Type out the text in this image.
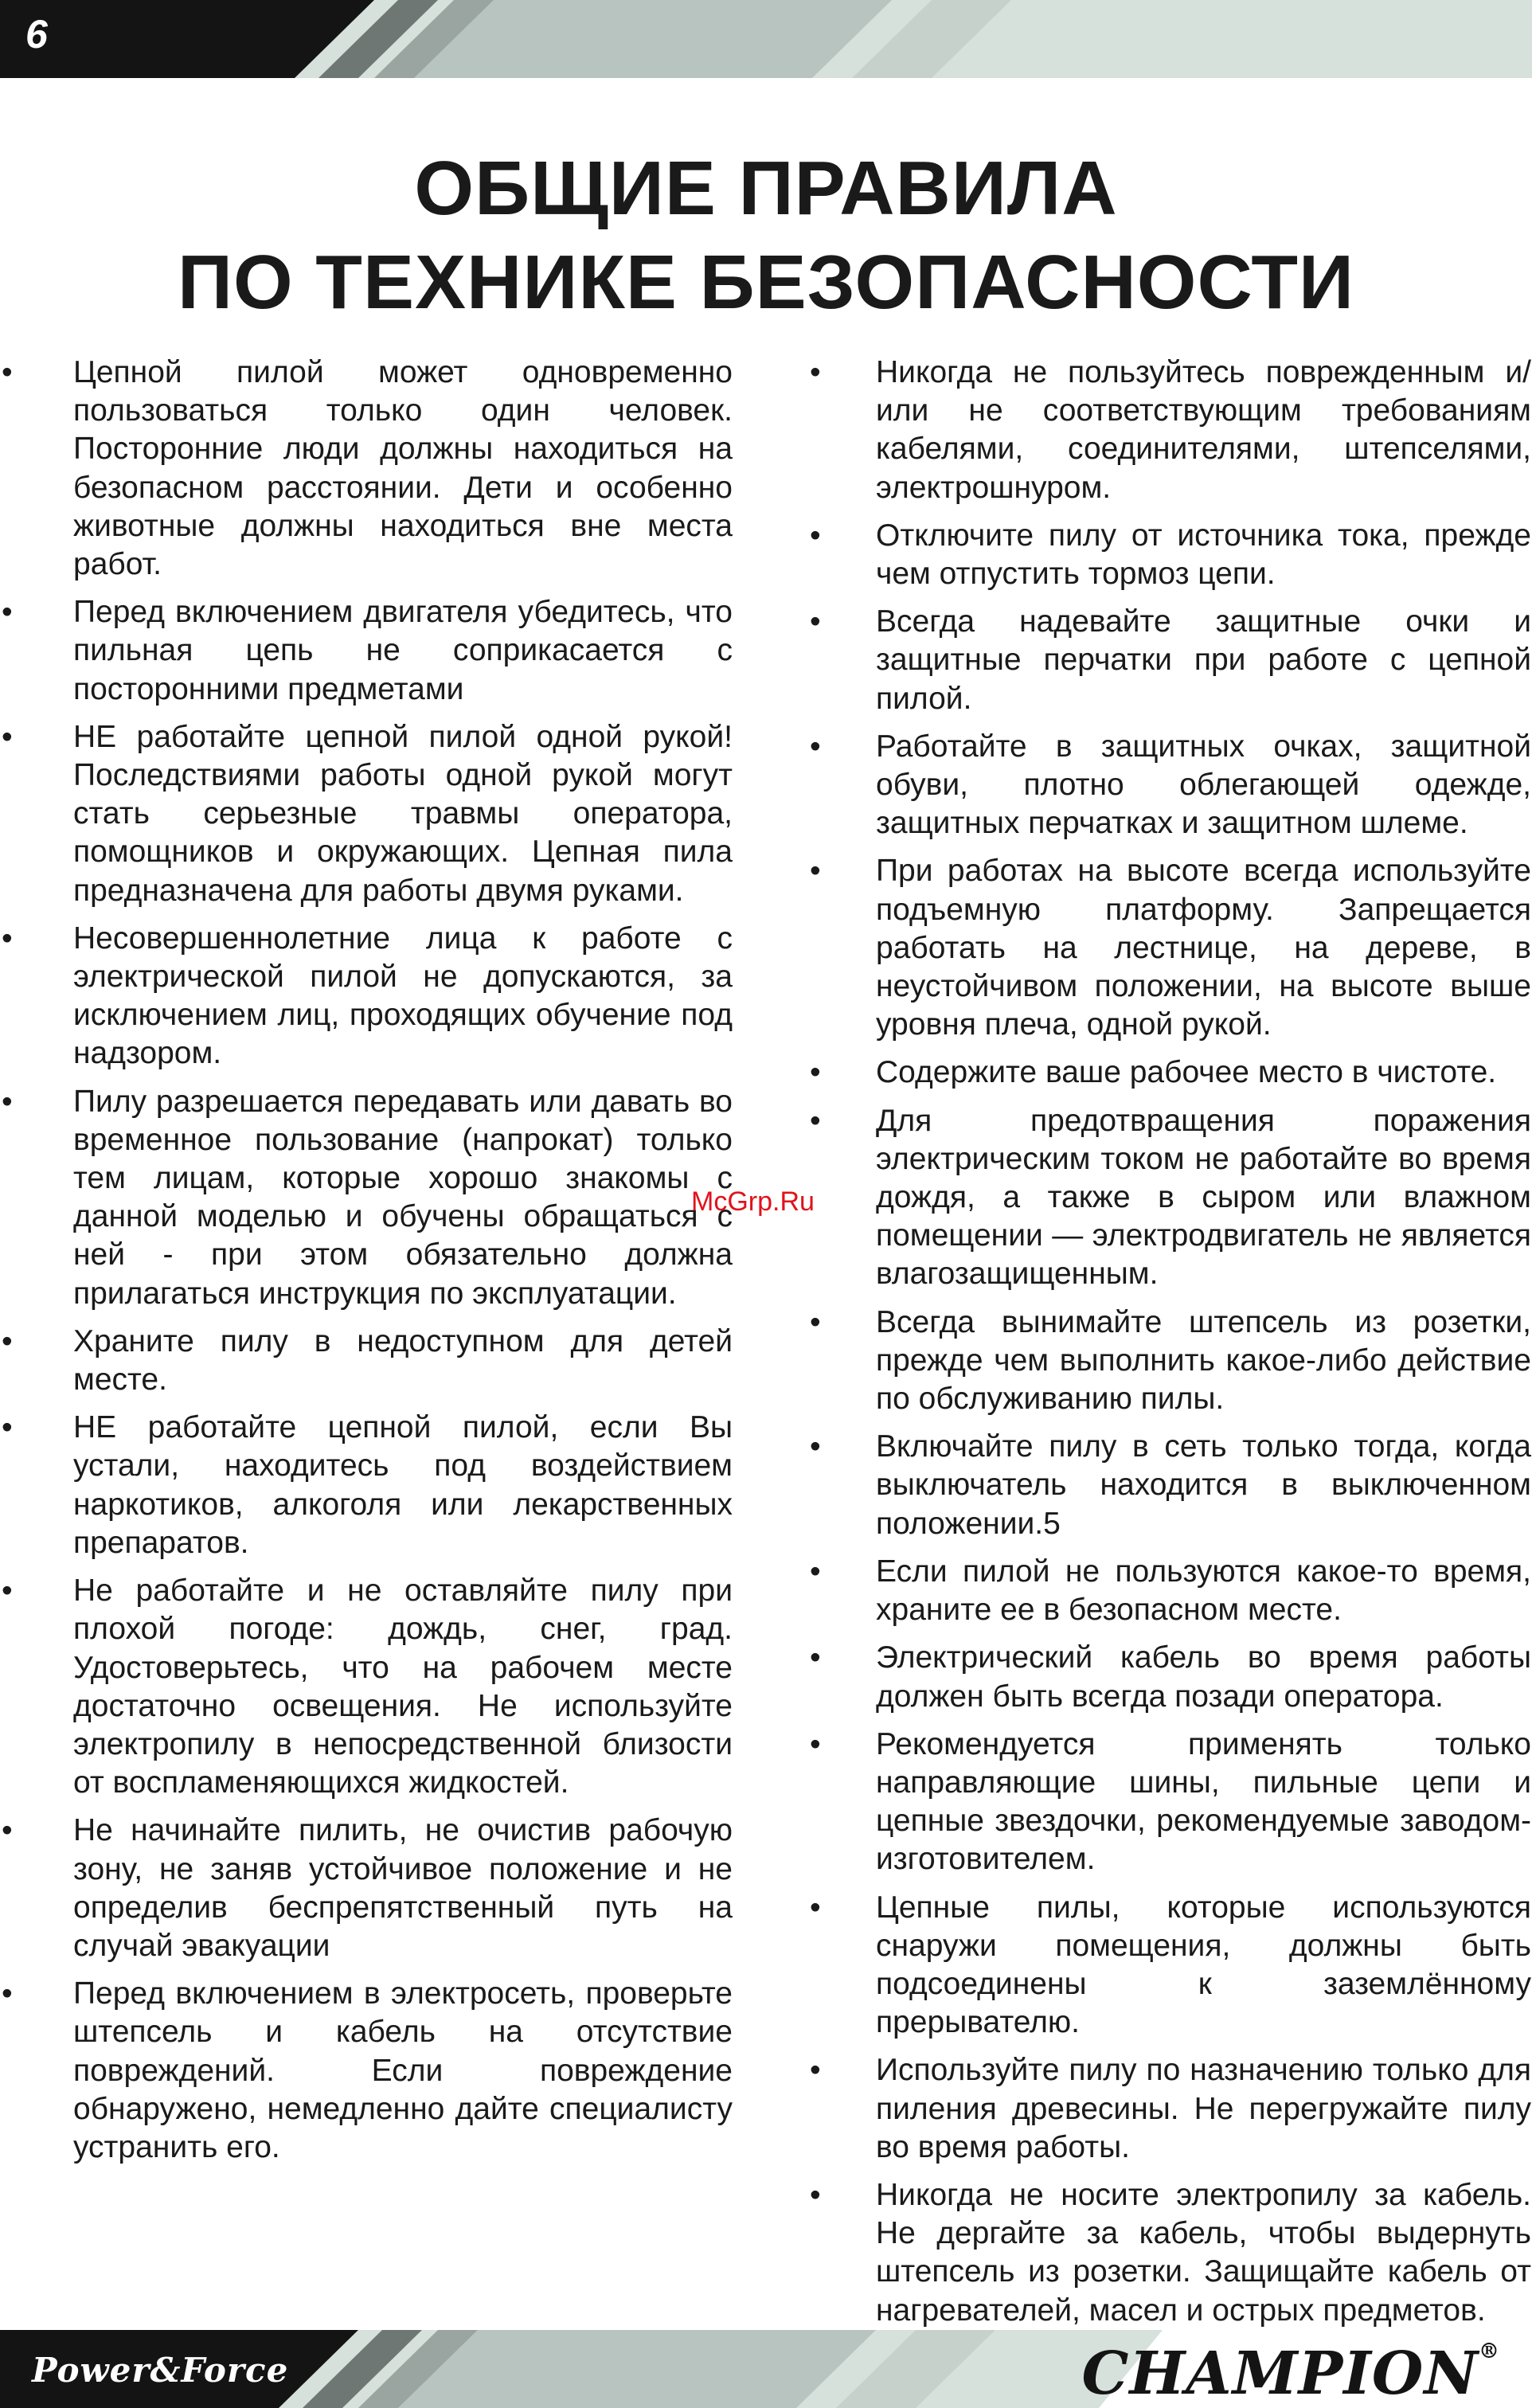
6
ОБЩИЕ ПРАВИЛА
ПО ТЕХНИКЕ БЕЗОПАСНОСТИ
• Цепной пилой может одновременно пользоваться только один человек. Посторонние люди должны находиться на безопасном расстоянии. Дети и особенно животные должны находиться вне места работ.
• Перед включением двигателя убедитесь, что пильная цепь не соприкасается с посторонними предметами
• НЕ работайте цепной пилой одной рукой! Последствиями работы одной рукой могут стать серьезные травмы оператора, помощников и окружающих. Цепная пила предназначена для работы двумя руками.
• Несовершеннолетние лица к работе с электрической пилой не допускаются, за исключением лиц, проходящих обучение под надзором.
• Пилу разрешается передавать или давать во временное пользование (напрокат) только тем лицам, которые хорошо знакомы с данной моделью и обучены обращаться с ней - при этом обязательно должна прилагаться инструкция по эксплуатации.
• Храните пилу в недоступном для детей месте.
• НЕ работайте цепной пилой, если Вы устали, находитесь под воздействием наркотиков, алкоголя или лекарственных препаратов.
• Не работайте и не оставляйте пилу при плохой погоде: дождь, снег, град. Удостоверьтесь, что на рабочем месте достаточно освещения. Не используйте электропилу в непосредственной близости от воспламеняющихся жидкостей.
• Не начинайте пилить, не очистив рабочую зону, не заняв устойчивое положение и не определив беспрепятственный путь на случай эвакуации
• Перед включением в электросеть, проверьте штепсель и кабель на отсутствие повреждений. Если повреждение обнаружено, немедленно дайте специалисту устранить его.
• Никогда не пользуйтесь поврежденным и/или не соответствующим требованиям кабелями, соединителями, штепселями, электрошнуром.
• Отключите пилу от источника тока, прежде чем отпустить тормоз цепи.
• Всегда надевайте защитные очки и защитные перчатки при работе с цепной пилой.
• Работайте в защитных очках, защитной обуви, плотно облегающей одежде, защитных перчатках и защитном шлеме.
• При работах на высоте всегда используйте подъемную платформу. Запрещается работать на лестнице, на дереве, в неустойчивом положении, на высоте выше уровня плеча, одной рукой.
• Содержите ваше рабочее место в чистоте.
• Для предотвращения поражения электрическим током не работайте во время дождя, а также в сыром или влажном помещении — электродвигатель не является влагозащищенным.
• Всегда вынимайте штепсель из розетки, прежде чем выполнить какое-либо действие по обслуживанию пилы.
• Включайте пилу в сеть только тогда, когда выключатель находится в выключенном положении.5
• Если пилой не пользуются какое-то время, храните ее в безопасном месте.
• Электрический кабель во время работы должен быть всегда позади оператора.
• Рекомендуется применять только направляющие шины, пильные цепи и цепные звездочки, рекомендуемые заводом-изготовителем.
• Цепные пилы, которые используются снаружи помещения, должны быть подсоединены к заземлённому прерывателю.
• Используйте пилу по назначению только для пиления древесины. Не перегружайте пилу во время работы.
• Никогда не носите электропилу за кабель. Не дергайте за кабель, чтобы выдернуть штепсель из розетки. Защищайте кабель от нагревателей, масел и острых предметов.
McGrp.Ru
Power&Force	CHAMPION®
